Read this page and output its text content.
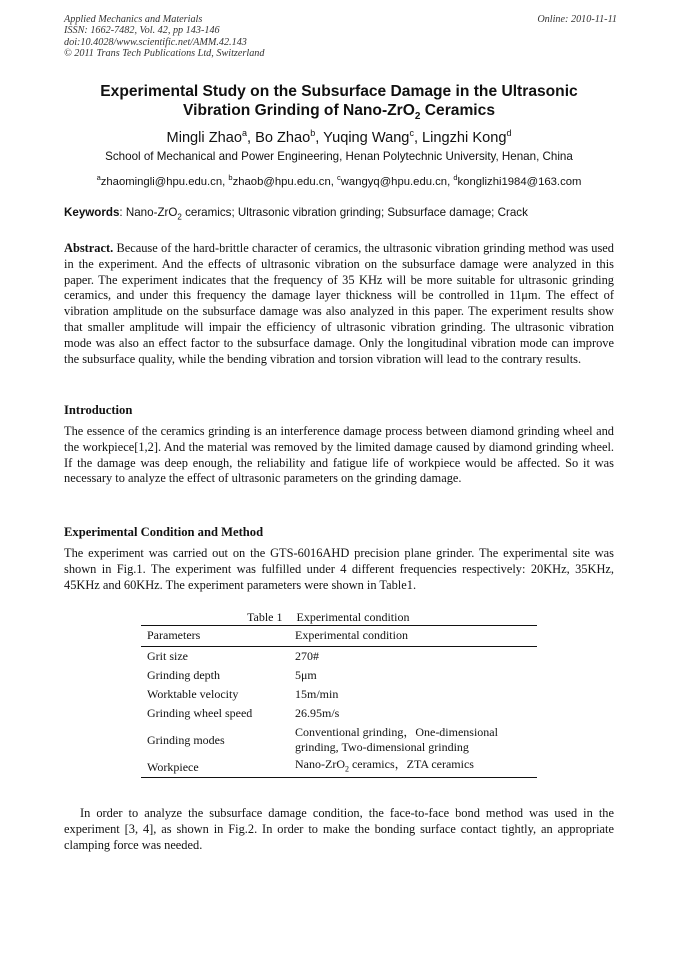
Applied Mechanics and Materials
ISSN: 1662-7482, Vol. 42, pp 143-146
doi:10.4028/www.scientific.net/AMM.42.143
© 2011 Trans Tech Publications Ltd, Switzerland
Online: 2010-11-11
Experimental Study on the Subsurface Damage in the Ultrasonic
Vibration Grinding of Nano-ZrO$_2$ Ceramics
Mingli Zhao$^a$, Bo Zhao$^b$, Yuqing Wang$^c$, Lingzhi Kong$^d$
School of Mechanical and Power Engineering, Henan Polytechnic University, Henan, China
$^a$zhaomingli@hpu.edu.cn, $^b$zhaob@hpu.edu.cn, $^c$wangyq@hpu.edu.cn, $^d$konglizhi1984@163.com
Keywords: Nano-ZrO$_2$ ceramics; Ultrasonic vibration grinding; Subsurface damage; Crack
Abstract. Because of the hard-brittle character of ceramics, the ultrasonic vibration grinding method was used in the experiment. And the effects of ultrasonic vibration on the subsurface damage were analyzed in this paper. The experiment indicates that the frequency of 35 KHz will be more suitable for ultrasonic grinding ceramics, and under this frequency the damage layer thickness will be controlled in 11μm. The effect of vibration amplitude on the subsurface damage was also analyzed in this paper. The experiment results show that smaller amplitude will impair the efficiency of ultrasonic vibration grinding. The ultrasonic vibration mode was also an effect factor to the subsurface damage. Only the longitudinal vibration mode can improve the subsurface quality, while the bending vibration and torsion vibration will lead to the contrary results.
Introduction
The essence of the ceramics grinding is an interference damage process between diamond grinding wheel and the workpiece[1,2]. And the material was removed by the limited damage caused by diamond grinding wheel. If the damage was deep enough, the reliability and fatigue life of workpiece would be affected. So it was necessary to analyze the effect of ultrasonic parameters on the grinding damage.
Experimental Condition and Method
The experiment was carried out on the GTS-6016AHD precision plane grinder. The experimental site was shown in Fig.1. The experiment was fulfilled under 4 different frequencies respectively: 20KHz, 35KHz, 45KHz and 60KHz. The experiment parameters were shown in Table1.
Table 1 Experimental condition
Parameters	Experimental condition
Grit size	270#
Grinding depth	5μm
Worktable velocity	15m/min
Grinding wheel speed	26.95m/s
Grinding modes	Conventional grinding，One-dimensional
grinding, Two-dimensional grinding

Workpiece	Nano-ZrO$_2$ ceramics，ZTA ceramics
In order to analyze the subsurface damage condition, the face-to-face bond method was used in the experiment [3, 4], as shown in Fig.2. In order to make the bonding surface contact tightly, an appropriate clamping force was needed.
